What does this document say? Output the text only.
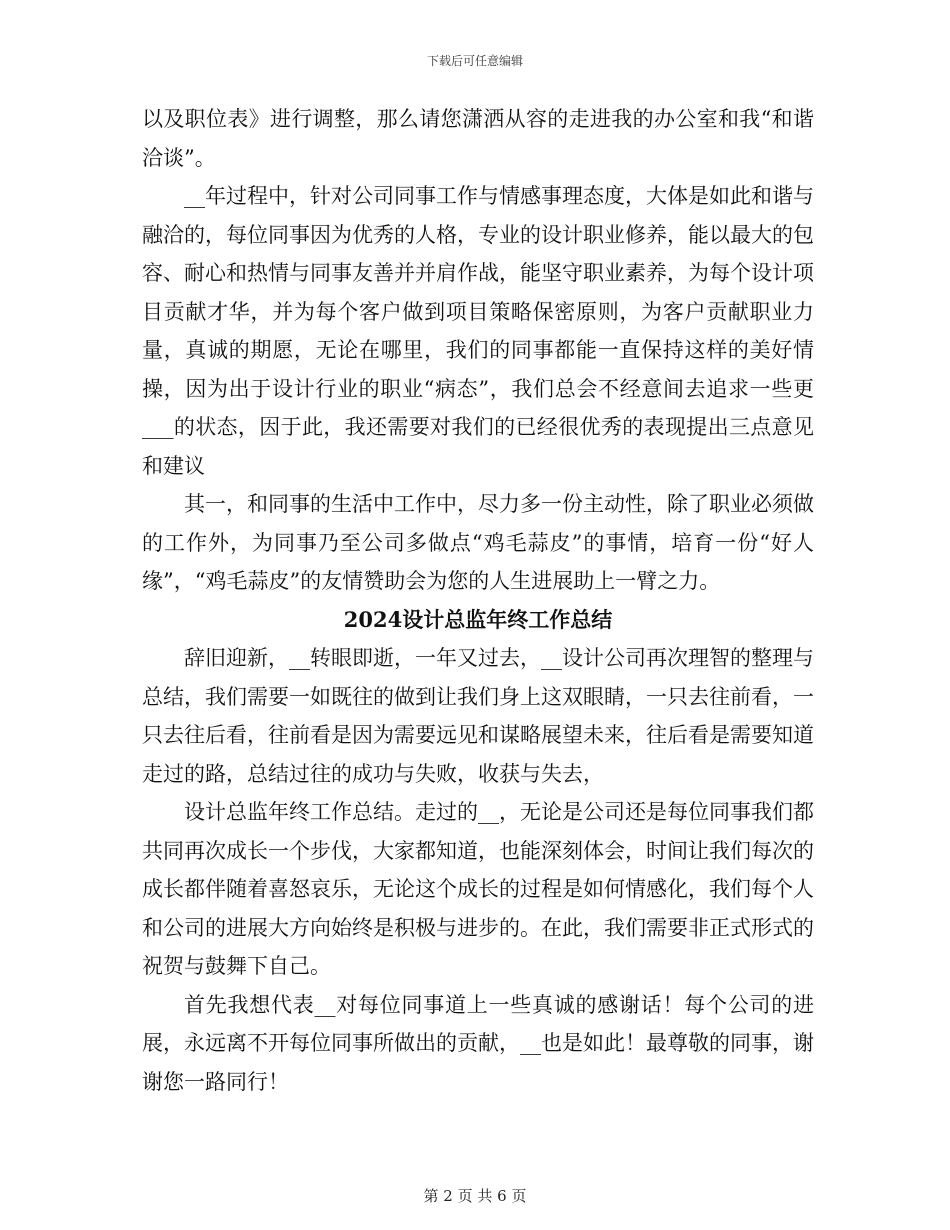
下载后可任意编辑

以及职位表》进行调整，那么请您潇洒从容的走进我的办公室和我“和谐洽谈”。

__年过程中，针对公司同事工作与情感事理态度，大体是如此和谐与融洽的，每位同事因为优秀的人格，专业的设计职业修养，能以最大的包容、耐心和热情与同事友善并并肩作战，能坚守职业素养，为每个设计项目贡献才华，并为每个客户做到项目策略保密原则，为客户贡献职业力量，真诚的期愿，无论在哪里，我们的同事都能一直保持这样的美好情操，因为出于设计行业的职业“病态”，我们总会不经意间去追求一些更___的状态，因于此，我还需要对我们的已经很优秀的表现提出三点意见和建议

其一，和同事的生活中工作中，尽力多一份主动性，除了职业必须做的工作外，为同事乃至公司多做点“鸡毛蒜皮”的事情，培育一份“好人缘”，“鸡毛蒜皮”的友情赞助会为您的人生进展助上一臂之力。

2024设计总监年终工作总结

辞旧迎新，__转眼即逝，一年又过去，__设计公司再次理智的整理与总结，我们需要一如既往的做到让我们身上这双眼睛，一只去往前看，一只去往后看，往前看是因为需要远见和谋略展望未来，往后看是需要知道走过的路，总结过往的成功与失败，收获与失去，

设计总监年终工作总结。走过的__，无论是公司还是每位同事我们都共同再次成长一个步伐，大家都知道，也能深刻体会，时间让我们每次的成长都伴随着喜怒哀乐，无论这个成长的过程是如何情感化，我们每个人和公司的进展大方向始终是积极与进步的。在此，我们需要非正式形式的祝贺与鼓舞下自己。

首先我想代表__对每位同事道上一些真诚的感谢话！每个公司的进展，永远离不开每位同事所做出的贡献，__也是如此！最尊敬的同事，谢谢您一路同行！

第 2 页 共 6 页
